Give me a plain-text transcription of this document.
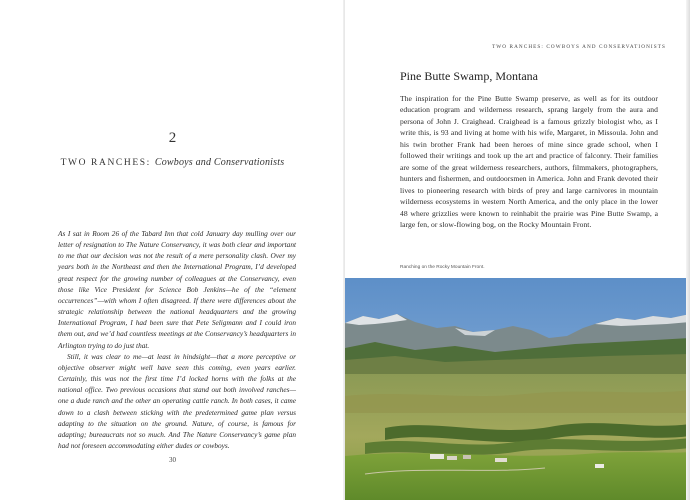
2
TWO RANCHES: Cowboys and Conservationists

As I sat in Room 26 of the Tabard Inn that cold January day mulling over our letter of resignation to The Nature Conservancy, it was both clear and important to me that our decision was not the result of a mere personality clash. Over my years both in the Northeast and then the International Program, I’d developed great respect for the growing number of colleagues at the Conservancy, even those like Vice President for Science Bob Jenkins—he of the “element occurrences”—with whom I often disagreed. If there were differences about the strategic relationship between the national headquarters and the growing International Program, I had been sure that Pete Seligmann and I could iron them out, and we’d had countless meetings at the Conservancy’s headquarters in Arlington trying to do just that.

Still, it was clear to me—at least in hindsight—that a more perceptive or objective observer might well have seen this coming, even years earlier. Certainly, this was not the first time I’d locked horns with the folks at the national office. Two previous occasions that stand out both involved ranches—one a dude ranch and the other an operating cattle ranch. In both cases, it came down to a clash between sticking with the predetermined game plan versus adapting to the situation on the ground. Nature, of course, is famous for adapting; bureaucrats not so much. And The Nature Conservancy’s game plan had not foreseen accommodating either dudes or cowboys.

30
TWO RANCHES: COWBOYS AND CONSERVATIONISTS
Pine Butte Swamp, Montana

The inspiration for the Pine Butte Swamp preserve, as well as for its outdoor education program and wilderness research, sprang largely from the aura and persona of John J. Craighead. Craighead is a famous grizzly biologist who, as I write this, is 93 and living at home with his wife, Margaret, in Missoula. John and his twin brother Frank had been heroes of mine since grade school, when I followed their writings and took up the art and practice of falconry. Their families are some of the great wilderness researchers, authors, filmmakers, photographers, hunters and fishermen, and outdoorsmen in America. John and Frank devoted their lives to pioneering research with birds of prey and large carnivores in mountain wilderness ecosystems in western North America, and the only place in the lower 48 where grizzlies were known to reinhabit the prairie was Pine Butte Swamp, a large fen, or slow-flowing bog, on the Rocky Mountain Front.

Ranching on the Rocky Mountain Front.
